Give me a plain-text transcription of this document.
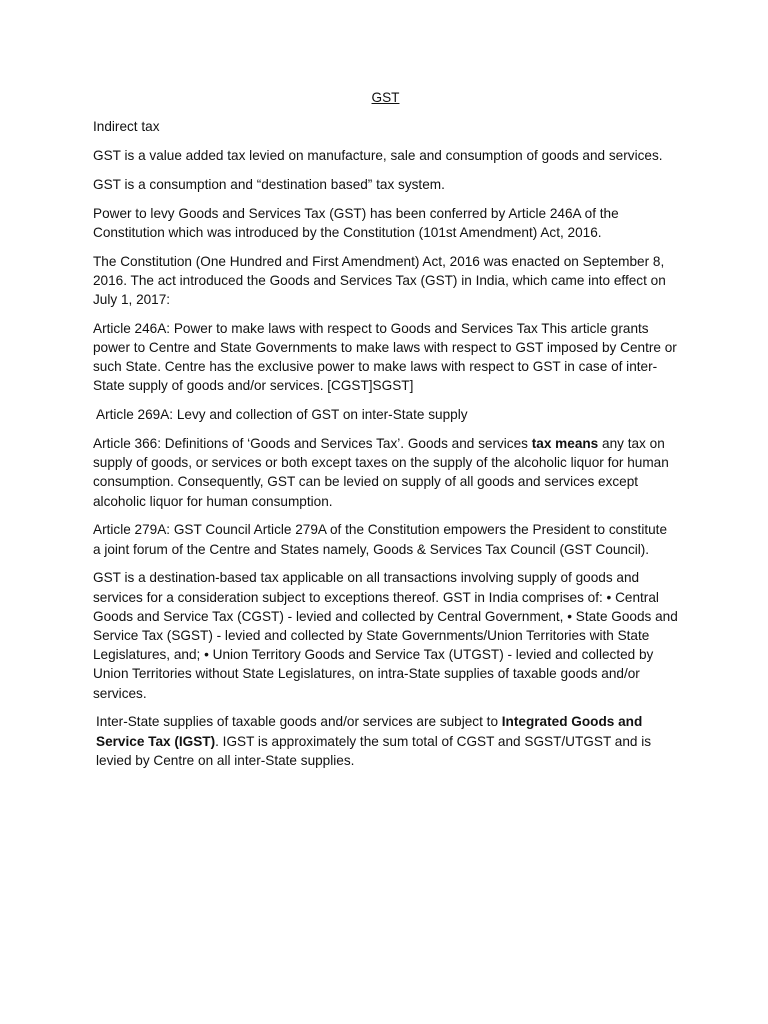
GST

Indirect tax

GST is a value added tax levied on manufacture, sale and consumption of goods and services.

GST is a consumption and “destination based” tax system.

Power to levy Goods and Services Tax (GST) has been conferred by Article 246A of the Constitution which was introduced by the Constitution (101st Amendment) Act, 2016.

The Constitution (One Hundred and First Amendment) Act, 2016 was enacted on September 8, 2016. The act introduced the Goods and Services Tax (GST) in India, which came into effect on July 1, 2017:

Article 246A: Power to make laws with respect to Goods and Services Tax This article grants power to Centre and State Governments to make laws with respect to GST imposed by Centre or such State. Centre has the exclusive power to make laws with respect to GST in case of inter-State supply of goods and/or services. [CGST]SGST]

Article 269A: Levy and collection of GST on inter-State supply

Article 366: Definitions of ‘Goods and Services Tax’. Goods and services tax means any tax on supply of goods, or services or both except taxes on the supply of the alcoholic liquor for human consumption. Consequently, GST can be levied on supply of all goods and services except alcoholic liquor for human consumption.

Article 279A: GST Council Article 279A of the Constitution empowers the President to constitute a joint forum of the Centre and States namely, Goods & Services Tax Council (GST Council).

GST is a destination-based tax applicable on all transactions involving supply of goods and services for a consideration subject to exceptions thereof. GST in India comprises of: • Central Goods and Service Tax (CGST) - levied and collected by Central Government, • State Goods and Service Tax (SGST) - levied and collected by State Governments/Union Territories with State Legislatures, and; • Union Territory Goods and Service Tax (UTGST) - levied and collected by Union Territories without State Legislatures, on intra-State supplies of taxable goods and/or services.

Inter-State supplies of taxable goods and/or services are subject to Integrated Goods and Service Tax (IGST). IGST is approximately the sum total of CGST and SGST/UTGST and is levied by Centre on all inter-State supplies.
